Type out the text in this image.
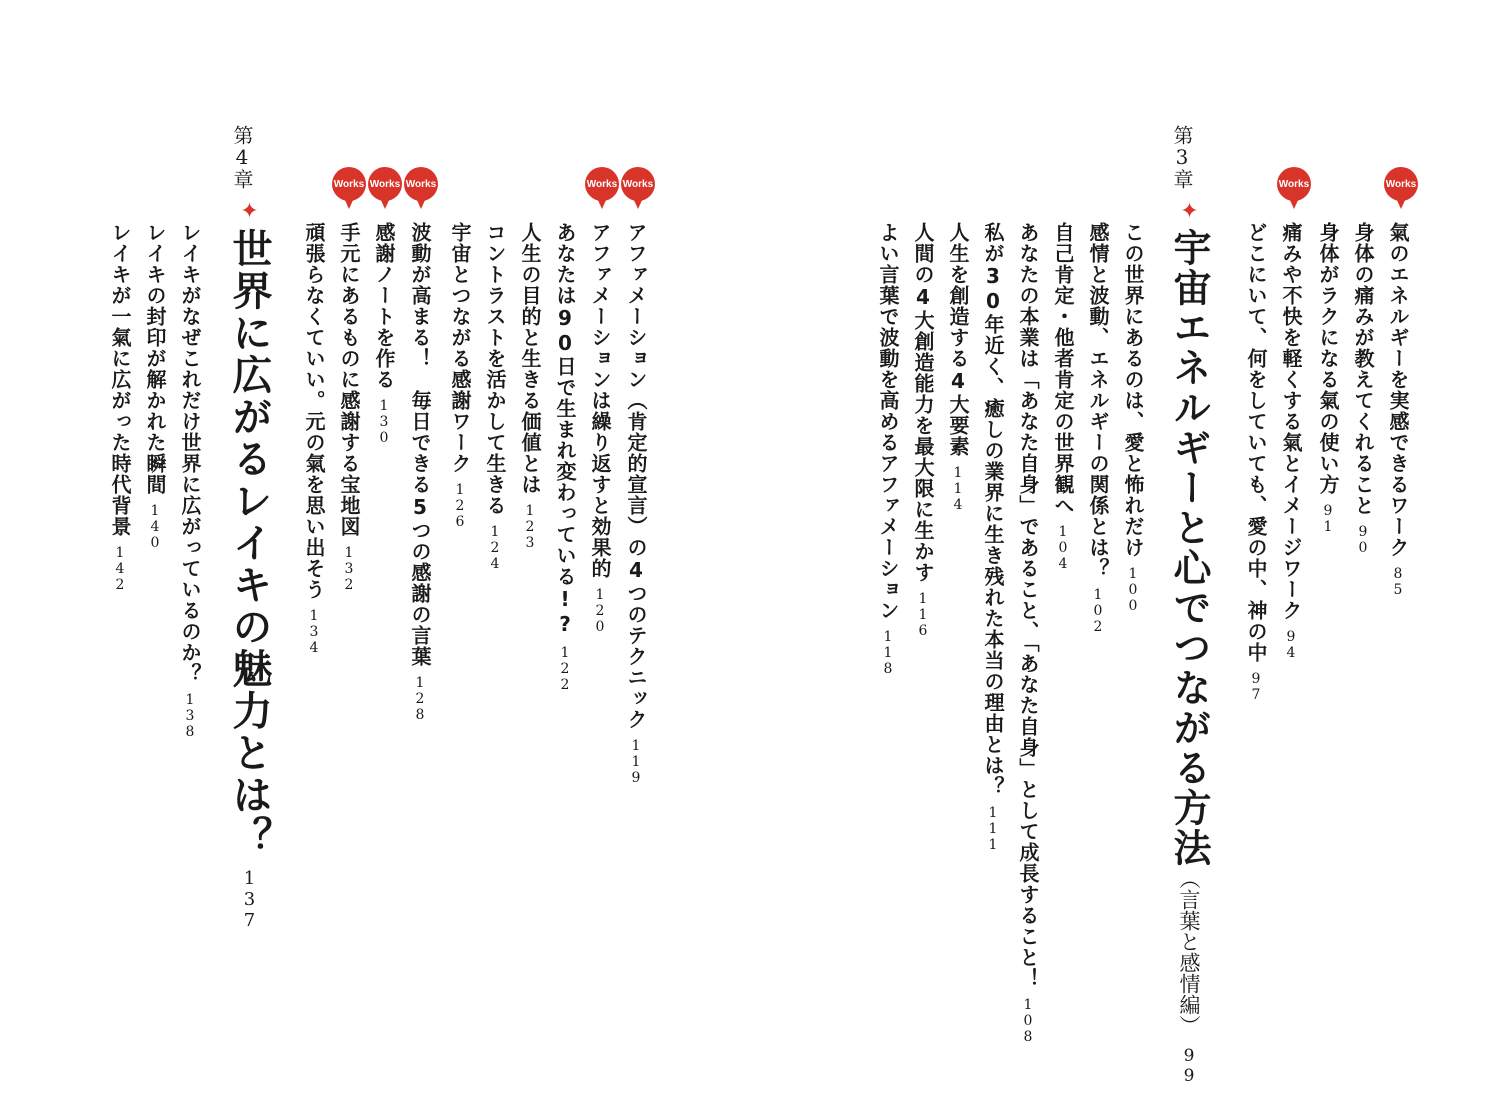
Works
氣のエネルギーを実感できるワーク85
身体の痛みが教えてくれること90
身体がラクになる氣の使い方91
Works
痛みや不快を軽くする氣とイメージワーク94
どこにいて、何をしていても、愛の中、神の中97
第3章
✦宇宙エネルギーと心でつながる方法（言葉と感情編）99
この世界にあるのは、愛と怖れだけ100
感情と波動、エネルギーの関係とは？102
自己肯定・他者肯定の世界観へ104
あなたの本業は「あなた自身」であること、「あなた自身」として成長すること！108
私が30年近く、癒しの業界に生き残れた本当の理由とは？111
人生を創造する4大要素114
人間の4大創造能力を最大限に生かす116
よい言葉で波動を高めるアファメーション118
Works
Works
アファメーション（肯定的宣言）の4つのテクニック119
アファメーションは繰り返すと効果的120
あなたは90日で生まれ変わっている!?122
人生の目的と生きる価値とは123
コントラストを活かして生きる124
宇宙とつながる感謝ワーク126
Works
Works
Works
波動が高まる！　毎日できる5つの感謝の言葉128
感謝ノートを作る130
手元にあるものに感謝する宝地図132
頑張らなくていい。元の氣を思い出そう134
第4章
✦世界に広がるレイキの魅力とは？137
レイキがなぜこれだけ世界に広がっているのか？138
レイキの封印が解かれた瞬間140
レイキが一氣に広がった時代背景142
